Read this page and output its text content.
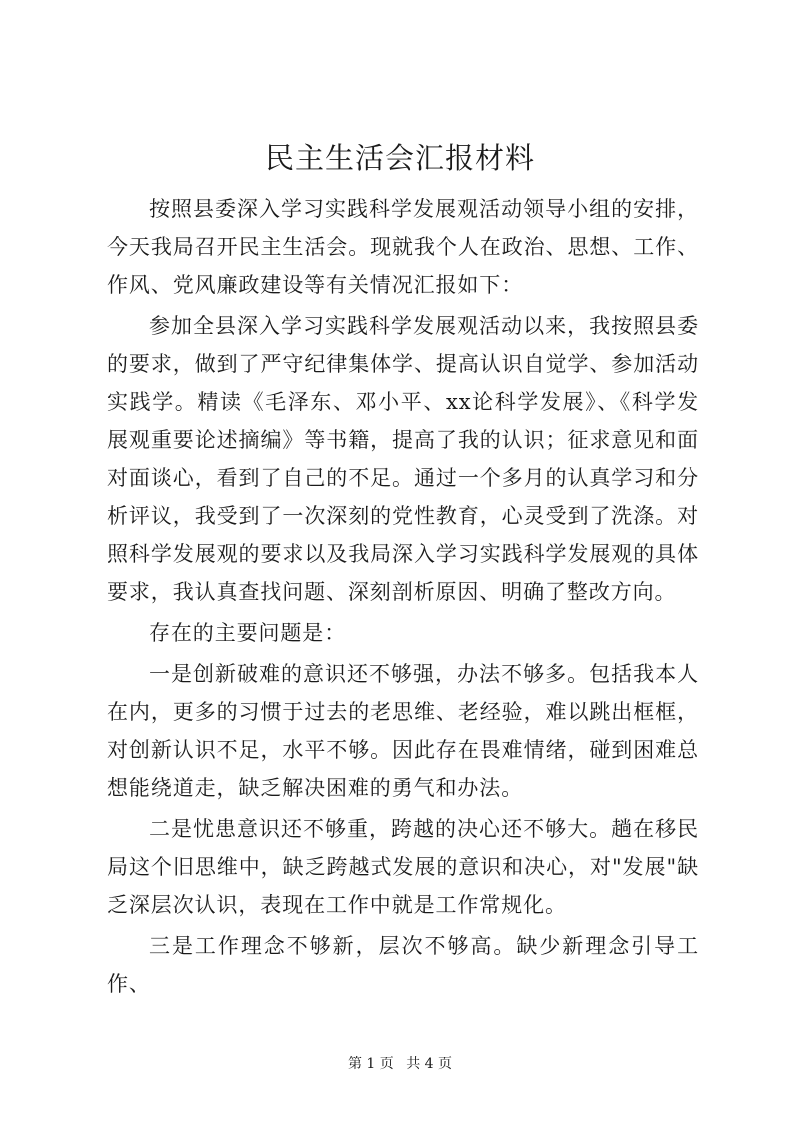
民主生活会汇报材料

按照县委深入学习实践科学发展观活动领导小组的安排，今天我局召开民主生活会。现就我个人在政治、思想、工作、作风、党风廉政建设等有关情况汇报如下：

参加全县深入学习实践科学发展观活动以来，我按照县委的要求，做到了严守纪律集体学、提高认识自觉学、参加活动实践学。精读《毛泽东、邓小平、xx论科学发展》、《科学发展观重要论述摘编》等书籍，提高了我的认识；征求意见和面对面谈心，看到了自己的不足。通过一个多月的认真学习和分析评议，我受到了一次深刻的党性教育，心灵受到了洗涤。对照科学发展观的要求以及我局深入学习实践科学发展观的具体要求，我认真查找问题、深刻剖析原因、明确了整改方向。

存在的主要问题是：

一是创新破难的意识还不够强，办法不够多。包括我本人在内，更多的习惯于过去的老思维、老经验，难以跳出框框，对创新认识不足，水平不够。因此存在畏难情绪，碰到困难总想能绕道走，缺乏解决困难的勇气和办法。

二是忧患意识还不够重，跨越的决心还不够大。趟在移民局这个旧思维中，缺乏跨越式发展的意识和决心，对"发展"缺乏深层次认识，表现在工作中就是工作常规化。

三是工作理念不够新，层次不够高。缺少新理念引导工作、

第 1 页 共 4 页
